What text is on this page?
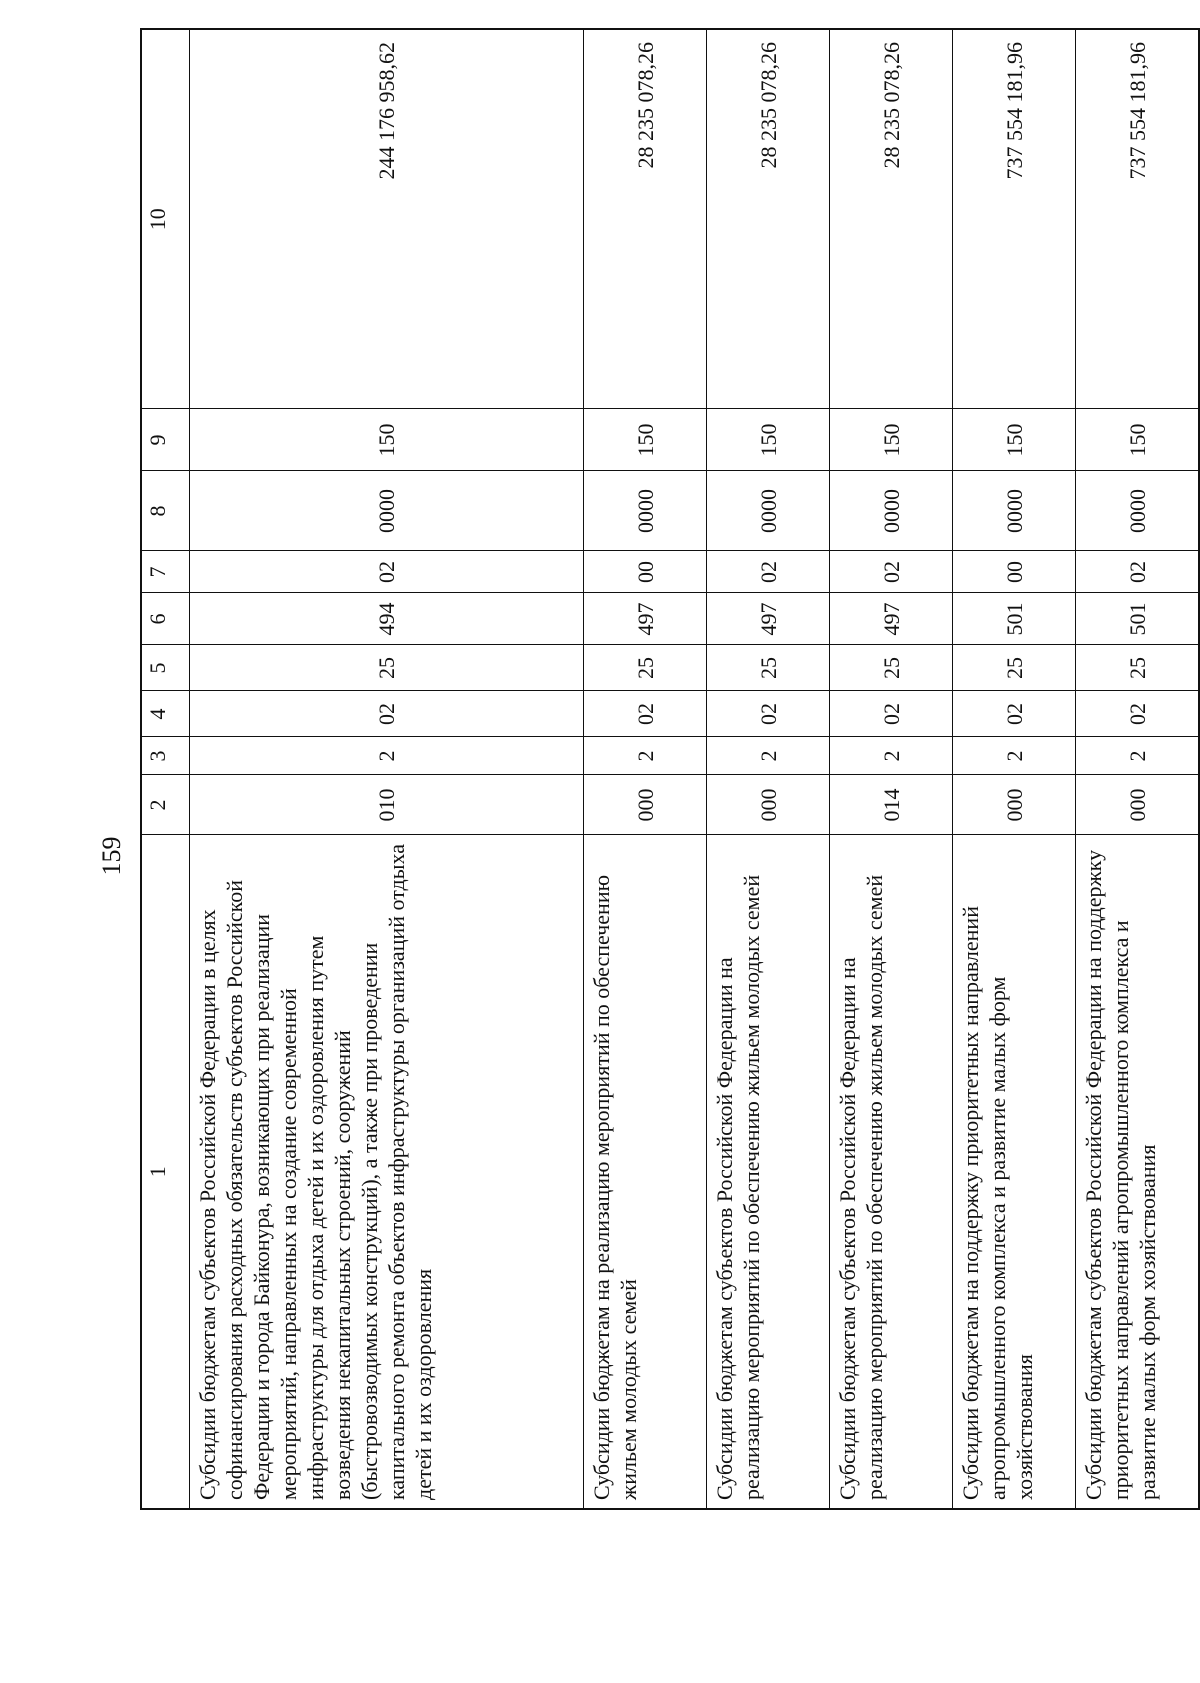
159
1	2	3	4	5	6	7	8	9	10
Субсидии бюджетам субъектов Российской Федерации в целях софинансирования расходных обязательств субъектов Российской Федерации и города Байконура, возникающих при реализации мероприятий, направленных на создание современной инфраструктуры для отдыха детей и их оздоровления путем возведения некапитальных строений, сооружений (быстровозводимых конструкций), а также при проведении капитального ремонта объектов инфраструктуры организаций отдыха детей и их оздоровления	010	2	02	25	494	02	0000	150	244 176 958,62
Субсидии бюджетам на реализацию мероприятий по обеспечению жильем молодых семей	000	2	02	25	497	00	0000	150	28 235 078,26
Субсидии бюджетам субъектов Российской Федерации на реализацию мероприятий по обеспечению жильем молодых семей	000	2	02	25	497	02	0000	150	28 235 078,26
Субсидии бюджетам субъектов Российской Федерации на реализацию мероприятий по обеспечению жильем молодых семей	014	2	02	25	497	02	0000	150	28 235 078,26
Субсидии бюджетам на поддержку приоритетных направлений агропромышленного комплекса и развитие малых форм хозяйствования	000	2	02	25	501	00	0000	150	737 554 181,96
Субсидии бюджетам субъектов Российской Федерации на поддержку приоритетных направлений агропромышленного комплекса и развитие малых форм хозяйствования	000	2	02	25	501	02	0000	150	737 554 181,96
